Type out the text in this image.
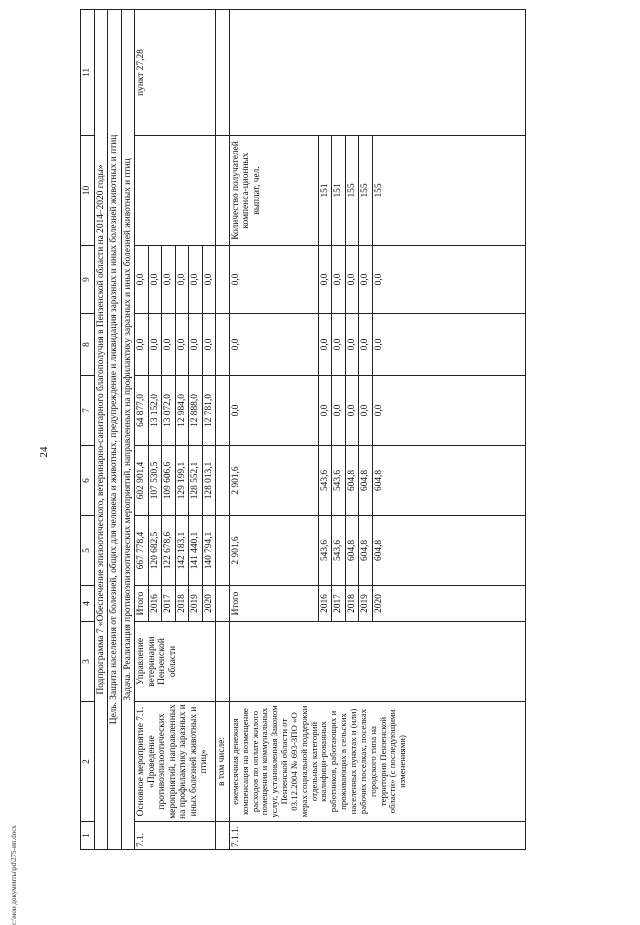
24
1	2	3	4	5	6	7	8	9	10	11
Подпрограмма 7 «Обеспечение эпизоотического, ветеринарно-санитарного благополучия в Пензенской области на 2014–2020 годы»										
Цель. Защита населения от болезней, общих для человека и животных, предупреждение и ликвидация заразных и иных болезней животных и птиц										
Задача. Реализация противоэпизоотических мероприятий, направленных на профилактику заразных и иных болезней животных и птиц										
7.1.	Основное мероприятие 7.1. «Проведение противоэпизоотических мероприятий, направленных на профилактику заразных и иных болезней животных и птиц»	Управление ветеринарии Пензенской области	Итого	667 778,4	602 901,4	64 877,0	0,0	0,0		пункт 27,28
			2016	120 682,5	107 530,5	13 152,0	0,0	0,0		
			2017	122 678,6	109 606,6	13 072,0	0,0	0,0		
			2018	142 183,1	129 199,1	12 984,0	0,0	0,0		
			2019	141 440,1	128 552,1	12 888,0	0,0	0,0		
			2020	140 794,1	128 013,1	12 781,0	0,0	0,0		
	в том числе:									
7.1.1.	ежемесячная денежная компенсация на возмещение расходов по оплате жилого помещения и коммунальных услуг, установленная Законом Пензенской области от 03.12.2004 № 693-ЗПО «О мерах социальной поддержки отдельных категорий квалифици-рованных работников, работающих и проживающих в сельских населенных пунктах и (или) рабочих поселках, поселках городского типа на территории Пензенской области» (с последующими изменениями)		Итого	2 901,6	2 901,6	0,0	0,0	0,0	Количество получателей компенса-ционных выплат, чел.	
			2016	543,6	543,6	0,0	0,0	0,0	151	
			2017	543,6	543,6	0,0	0,0	0,0	151	
			2018	604,8	604,8	0,0	0,0	0,0	155	
			2019	604,8	604,8	0,0	0,0	0,0	155	
			2020	604,8	604,8	0,0	0,0	0,0	155	
c:\мои документы\pd\275-ип.docx
